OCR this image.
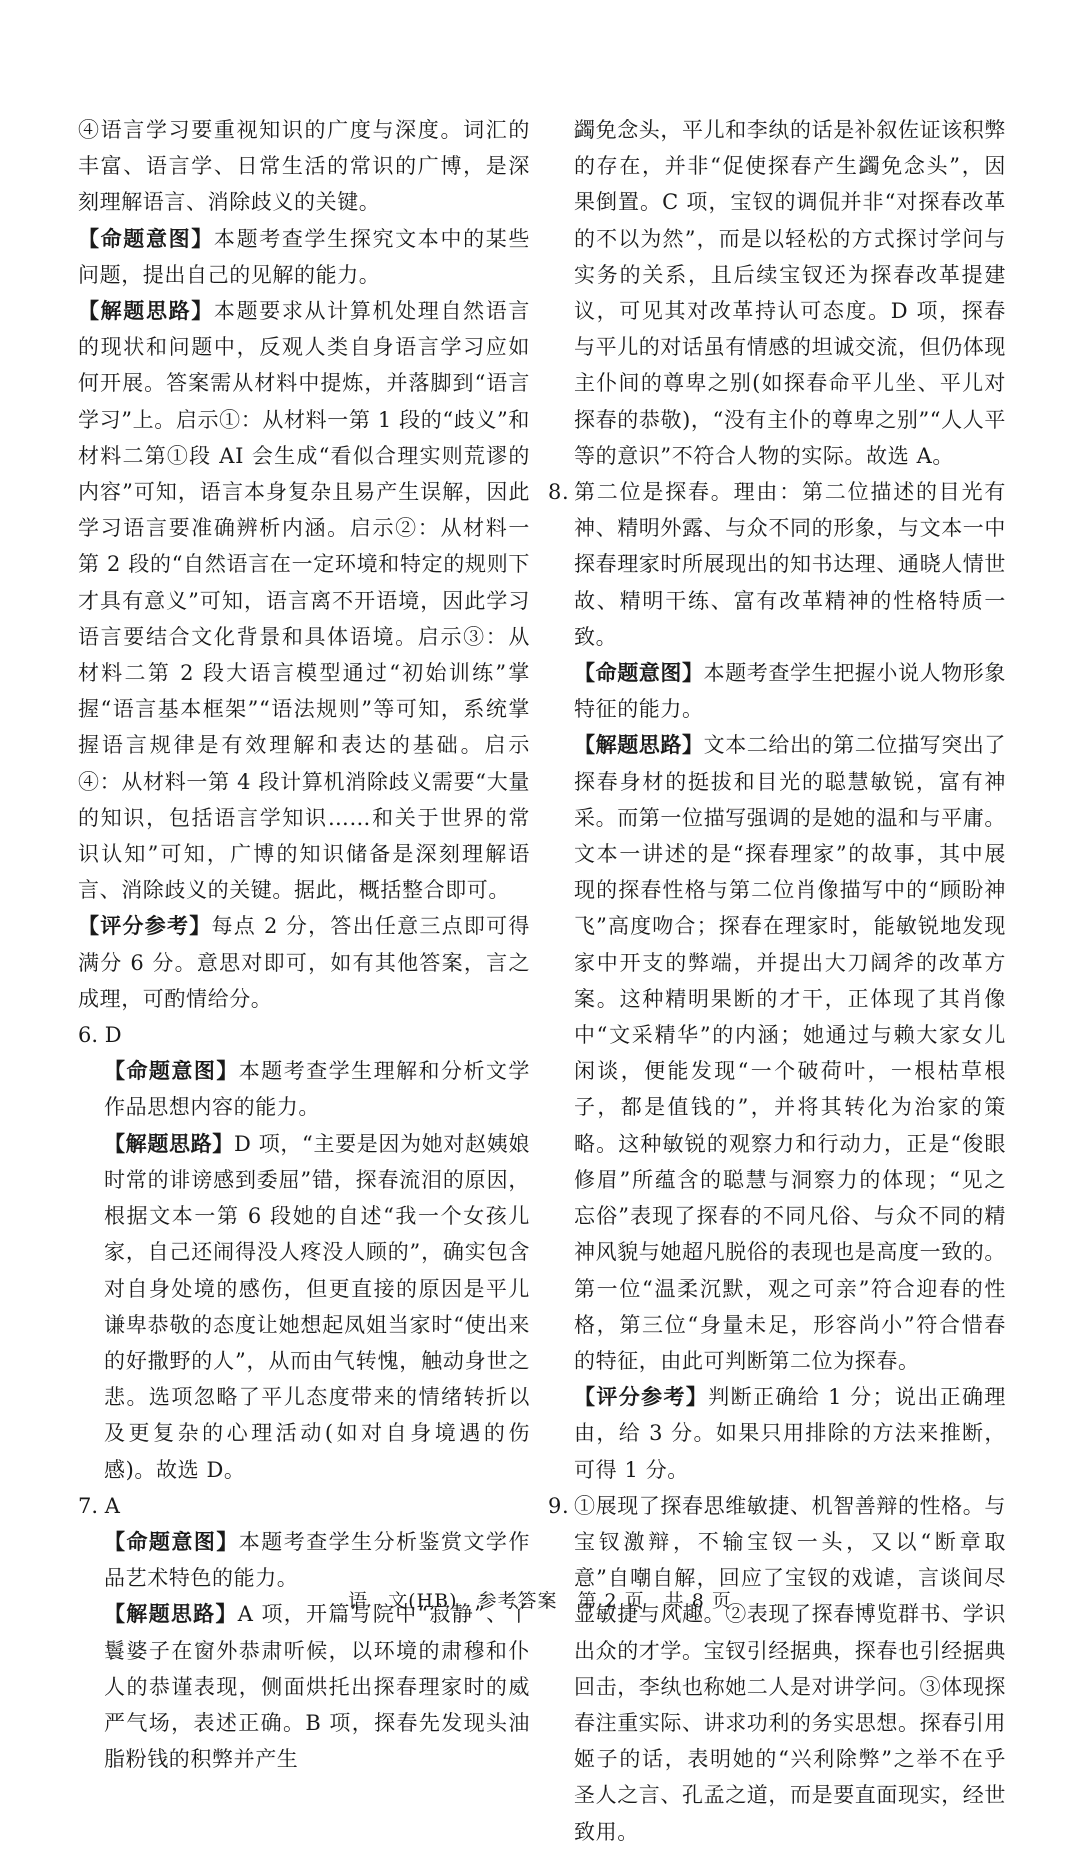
④语言学习要重视知识的广度与深度。词汇的丰富、语言学、日常生活的常识的广博，是深刻理解语言、消除歧义的关键。

【命题意图】本题考查学生探究文本中的某些问题，提出自己的见解的能力。

【解题思路】本题要求从计算机处理自然语言的现状和问题中，反观人类自身语言学习应如何开展。答案需从材料中提炼，并落脚到“语言学习”上。启示①：从材料一第 1 段的“歧义”和材料二第①段 AI 会生成“看似合理实则荒谬的内容”可知，语言本身复杂且易产生误解，因此学习语言要准确辨析内涵。启示②：从材料一第 2 段的“自然语言在一定环境和特定的规则下才具有意义”可知，语言离不开语境，因此学习语言要结合文化背景和具体语境。启示③：从材料二第 2 段大语言模型通过“初始训练”掌握“语言基本框架”“语法规则”等可知，系统掌握语言规律是有效理解和表达的基础。启示④：从材料一第 4 段计算机消除歧义需要“大量的知识，包括语言学知识……和关于世界的常识认知”可知，广博的知识储备是深刻理解语言、消除歧义的关键。据此，概括整合即可。

【评分参考】每点 2 分，答出任意三点即可得满分 6 分。意思对即可，如有其他答案，言之成理，可酌情给分。

6. D

【命题意图】本题考查学生理解和分析文学作品思想内容的能力。

【解题思路】D 项，“主要是因为她对赵姨娘时常的诽谤感到委屈”错，探春流泪的原因，根据文本一第 6 段她的自述“我一个女孩儿家，自己还闹得没人疼没人顾的”，确实包含对自身处境的感伤，但更直接的原因是平儿谦卑恭敬的态度让她想起凤姐当家时“使出来的好撒野的人”，从而由气转愧，触动身世之悲。选项忽略了平儿态度带来的情绪转折以及更复杂的心理活动(如对自身境遇的伤感)。故选 D。

7. A

【命题意图】本题考查学生分析鉴赏文学作品艺术特色的能力。

【解题思路】A 项，开篇写院中“寂静”、丫鬟婆子在窗外恭肃听候，以环境的肃穆和仆人的恭谨表现，侧面烘托出探春理家时的威严气场，表述正确。B 项，探春先发现头油脂粉钱的积弊并产生

蠲免念头，平儿和李纨的话是补叙佐证该积弊的存在，并非“促使探春产生蠲免念头”，因果倒置。C 项，宝钗的调侃并非“对探春改革的不以为然”，而是以轻松的方式探讨学问与实务的关系，且后续宝钗还为探春改革提建议，可见其对改革持认可态度。D 项，探春与平儿的对话虽有情感的坦诚交流，但仍体现主仆间的尊卑之别(如探春命平儿坐、平儿对探春的恭敬)，“没有主仆的尊卑之别”“人人平等的意识”不符合人物的实际。故选 A。

8. 第二位是探春。理由：第二位描述的目光有神、精明外露、与众不同的形象，与文本一中探春理家时所展现出的知书达理、通晓人情世故、精明干练、富有改革精神的性格特质一致。

【命题意图】本题考查学生把握小说人物形象特征的能力。

【解题思路】文本二给出的第二位描写突出了探春身材的挺拔和目光的聪慧敏锐，富有神采。而第一位描写强调的是她的温和与平庸。文本一讲述的是“探春理家”的故事，其中展现的探春性格与第二位肖像描写中的“顾盼神飞”高度吻合；探春在理家时，能敏锐地发现家中开支的弊端，并提出大刀阔斧的改革方案。这种精明果断的才干，正体现了其肖像中“文采精华”的内涵；她通过与赖大家女儿闲谈，便能发现“一个破荷叶，一根枯草根子，都是值钱的”，并将其转化为治家的策略。这种敏锐的观察力和行动力，正是“俊眼修眉”所蕴含的聪慧与洞察力的体现；“见之忘俗”表现了探春的不同凡俗、与众不同的精神风貌与她超凡脱俗的表现也是高度一致的。第一位“温柔沉默，观之可亲”符合迎春的性格，第三位“身量未足，形容尚小”符合惜春的特征，由此可判断第二位为探春。

【评分参考】判断正确给 1 分；说出正确理由，给 3 分。如果只用排除的方法来推断，可得 1 分。

9. ①展现了探春思维敏捷、机智善辩的性格。与宝钗激辩，不输宝钗一头，又以“断章取意”自嘲自解，回应了宝钗的戏谑，言谈间尽显敏捷与风趣。②表现了探春博览群书、学识出众的才学。宝钗引经据典，探春也引经据典回击，李纨也称她二人是对讲学问。③体现探春注重实际、讲求功利的务实思想。探春引用姬子的话，表明她的“兴利除弊”之举不在乎圣人之言、孔孟之道，而是要直面现实，经世致用。

语　文(HB)　参考答案　第 2 页　共 8 页
